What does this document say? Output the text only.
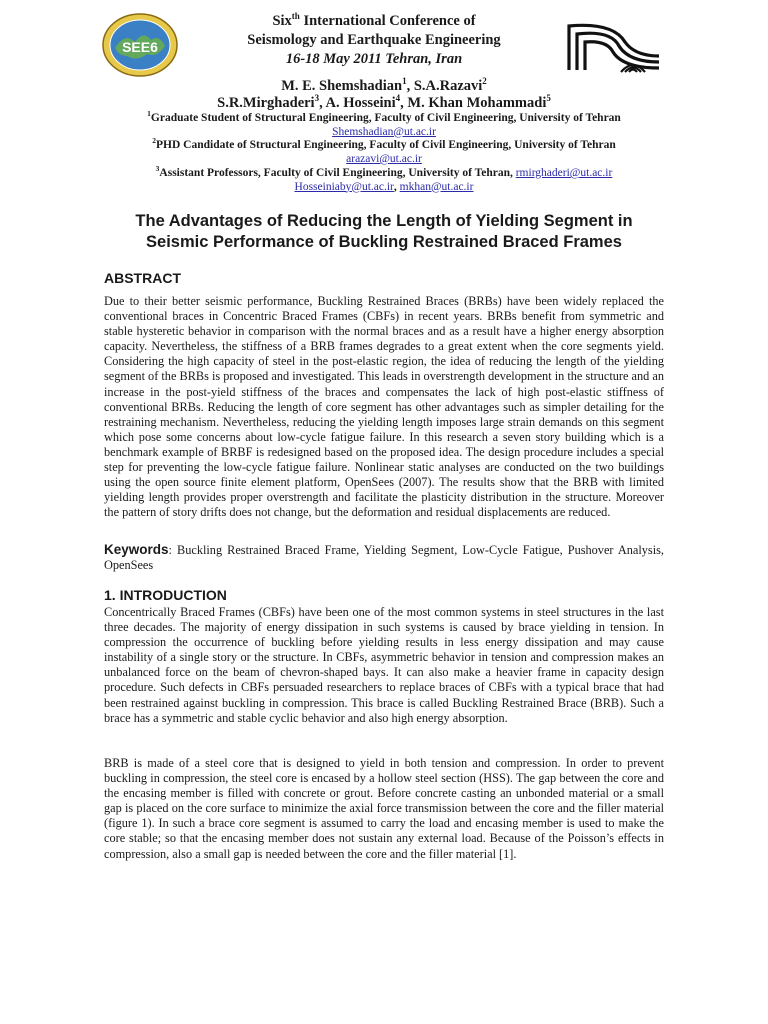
SEE6
Six$^{th}$ International Conference of
Seismology and Earthquake Engineering
16-18 May 2011 Tehran, Iran
M. E. Shemshadian$^1$, S.A.Razavi$^2$
S.R.Mirghaderi$^3$, A. Hosseini$^4$, M. Khan Mohammadi$^5$
$^1$Graduate Student of Structural Engineering, Faculty of Civil Engineering, University of Tehran
Shemshadian@ut.ac.ir
$^2$PHD Candidate of Structural Engineering, Faculty of Civil Engineering, University of Tehran
arazavi@ut.ac.ir
$^3$Assistant Professors, Faculty of Civil Engineering, University of Tehran, rmirghaderi@ut.ac.ir
Hosseiniaby@ut.ac.ir, mkhan@ut.ac.ir
The Advantages of Reducing the Length of Yielding Segment in
Seismic Performance of Buckling Restrained Braced Frames
ABSTRACT
Due to their better seismic performance, Buckling Restrained Braces (BRBs) have been widely replaced the conventional braces in Concentric Braced Frames (CBFs) in recent years. BRBs benefit from symmetric and stable hysteretic behavior in comparison with the normal braces and as a result have a higher energy absorption capacity. Nevertheless, the stiffness of a BRB frames degrades to a great extent when the core segments yield. Considering the high capacity of steel in the post-elastic region, the idea of reducing the length of the yielding segment of the BRBs is proposed and investigated. This leads in overstrength development in the structure and an increase in the post-yield stiffness of the braces and compensates the lack of high post-elastic stiffness of conventional BRBs. Reducing the length of core segment has other advantages such as simpler detailing for the restraining mechanism. Nevertheless, reducing the yielding length imposes large strain demands on this segment which pose some concerns about low-cycle fatigue failure. In this research a seven story building which is a benchmark example of BRBF is redesigned based on the proposed idea. The design procedure includes a special step for preventing the low-cycle fatigue failure. Nonlinear static analyses are conducted on the two buildings using the open source finite element platform, OpenSees (2007). The results show that the BRB with limited yielding length provides proper overstrength and facilitate the plasticity distribution in the structure. Moreover the pattern of story drifts does not change, but the deformation and residual displacements are reduced.
Keywords: Buckling Restrained Braced Frame, Yielding Segment, Low-Cycle Fatigue, Pushover Analysis, OpenSees
1. INTRODUCTION
Concentrically Braced Frames (CBFs) have been one of the most common systems in steel structures in the last three decades. The majority of energy dissipation in such systems is caused by brace yielding in tension. In compression the occurrence of buckling before yielding results in less energy dissipation and may cause instability of a single story or the structure. In CBFs, asymmetric behavior in tension and compression makes an unbalanced force on the beam of chevron-shaped bays. It can also make a heavier frame in capacity design procedure. Such defects in CBFs persuaded researchers to replace braces of CBFs with a typical brace that had been restrained against buckling in compression. This brace is called Buckling Restrained Brace (BRB). Such a brace has a symmetric and stable cyclic behavior and also high energy absorption.
BRB is made of a steel core that is designed to yield in both tension and compression. In order to prevent buckling in compression, the steel core is encased by a hollow steel section (HSS). The gap between the core and the encasing member is filled with concrete or grout. Before concrete casting an unbonded material or a small gap is placed on the core surface to minimize the axial force transmission between the core and the filler material (figure 1). In such a brace core segment is assumed to carry the load and encasing member is used to make the core stable; so that the encasing member does not sustain any external load. Because of the Poisson’s effects in compression, also a small gap is needed between the core and the filler material [1].
